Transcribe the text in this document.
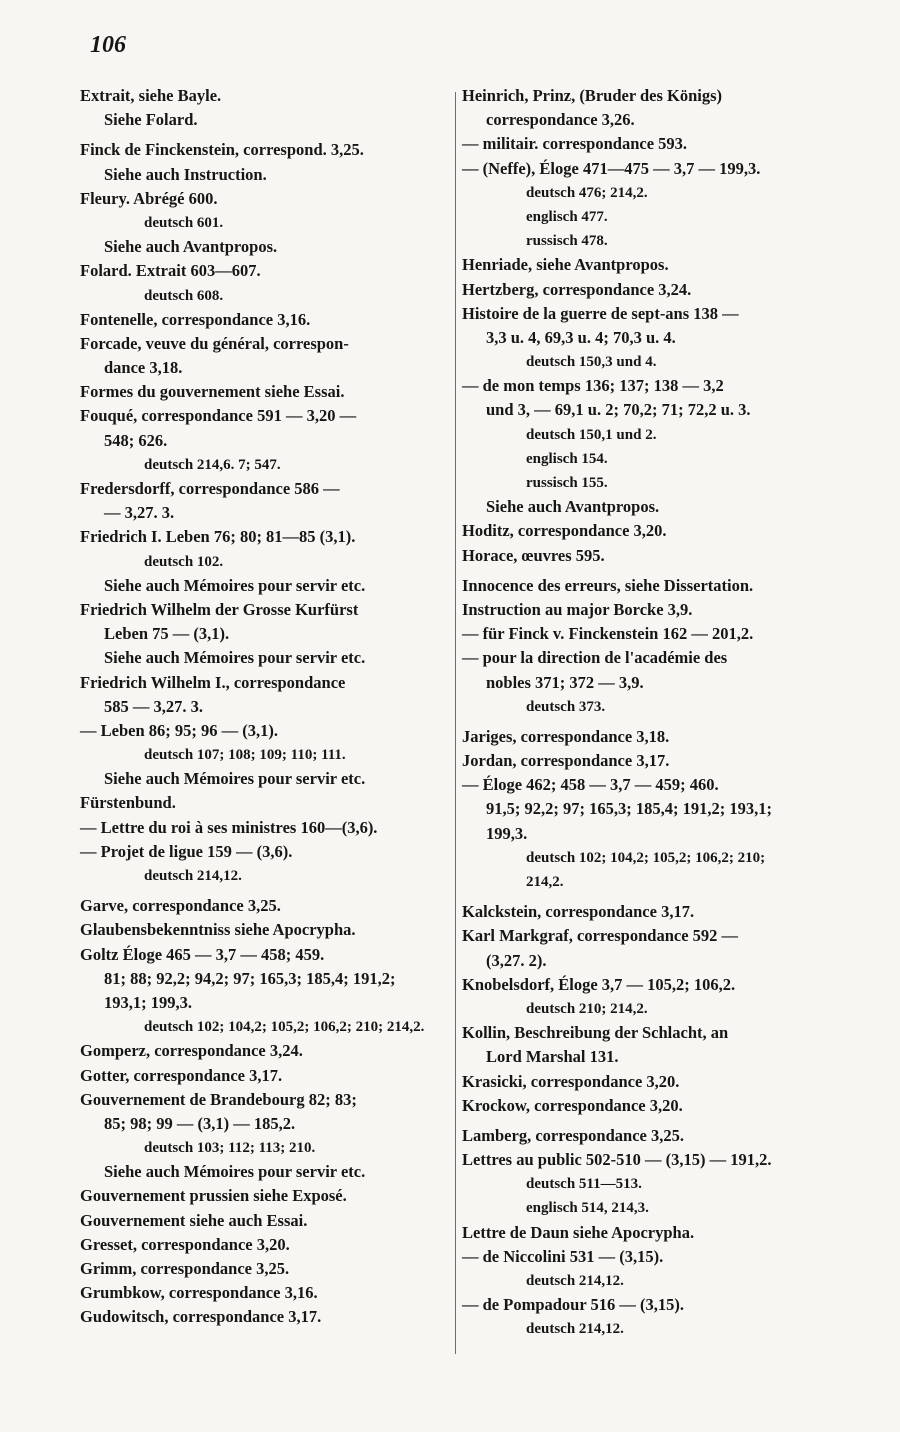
106
Extrait, siehe Bayle.
Siehe Folard.
Finck de Finckenstein, correspond. 3,25.
Siehe auch Instruction.
Fleury. Abrégé 600.
deutsch 601.
Siehe auch Avantpropos.
Folard. Extrait 603—607.
deutsch 608.
Fontenelle, correspondance 3,16.
Forcade, veuve du général, correspon-
dance 3,18.
Formes du gouvernement siehe Essai.
Fouqué, correspondance 591 — 3,20 —
548; 626.
deutsch 214,6. 7; 547.
Fredersdorff, correspondance 586 —
— 3,27. 3.
Friedrich I. Leben 76; 80; 81—85 (3,1).
deutsch 102.
Siehe auch Mémoires pour servir etc.
Friedrich Wilhelm der Grosse Kurfürst
Leben 75 — (3,1).
Siehe auch Mémoires pour servir etc.
Friedrich Wilhelm I., correspondance
585 — 3,27. 3.
— Leben 86; 95; 96 — (3,1).
deutsch 107; 108; 109; 110; 111.
Siehe auch Mémoires pour servir etc.
Fürstenbund.
— Lettre du roi à ses ministres 160—(3,6).
— Projet de ligue 159 — (3,6).
deutsch 214,12.
Garve, correspondance 3,25.
Glaubensbekenntniss siehe Apocrypha.
Goltz Éloge 465 — 3,7 — 458; 459.
81; 88; 92,2; 94,2; 97; 165,3; 185,4; 191,2;
193,1; 199,3.
deutsch 102; 104,2; 105,2; 106,2; 210; 214,2.
Gomperz, correspondance 3,24.
Gotter, correspondance 3,17.
Gouvernement de Brandebourg 82; 83;
85; 98; 99 — (3,1) — 185,2.
deutsch 103; 112; 113; 210.
Siehe auch Mémoires pour servir etc.
Gouvernement prussien siehe Exposé.
Gouvernement siehe auch Essai.
Gresset, correspondance 3,20.
Grimm, correspondance 3,25.
Grumbkow, correspondance 3,16.
Gudowitsch, correspondance 3,17.
Heinrich, Prinz, (Bruder des Königs)
correspondance 3,26.
— militair. correspondance 593.
— (Neffe), Éloge 471—475 — 3,7 — 199,3.
deutsch 476; 214,2.
englisch 477.
russisch 478.
Henriade, siehe Avantpropos.
Hertzberg, correspondance 3,24.
Histoire de la guerre de sept-ans 138 —
3,3 u. 4, 69,3 u. 4; 70,3 u. 4.
deutsch 150,3 und 4.
— de mon temps 136; 137; 138 — 3,2
und 3, — 69,1 u. 2; 70,2; 71; 72,2 u. 3.
deutsch 150,1 und 2.
englisch 154.
russisch 155.
Siehe auch Avantpropos.
Hoditz, correspondance 3,20.
Horace, œuvres 595.
Innocence des erreurs, siehe Dissertation.
Instruction au major Borcke 3,9.
— für Finck v. Finckenstein 162 — 201,2.
— pour la direction de l'académie des
nobles 371; 372 — 3,9.
deutsch 373.
Jariges, correspondance 3,18.
Jordan, correspondance 3,17.
— Éloge 462; 458 — 3,7 — 459; 460.
91,5; 92,2; 97; 165,3; 185,4; 191,2; 193,1;
199,3.
deutsch 102; 104,2; 105,2; 106,2; 210;
214,2.
Kalckstein, correspondance 3,17.
Karl Markgraf, correspondance 592 —
(3,27. 2).
Knobelsdorf, Éloge 3,7 — 105,2; 106,2.
deutsch 210; 214,2.
Kollin, Beschreibung der Schlacht, an
Lord Marshal 131.
Krasicki, correspondance 3,20.
Krockow, correspondance 3,20.
Lamberg, correspondance 3,25.
Lettres au public 502-510 — (3,15) — 191,2.
deutsch 511—513.
englisch 514, 214,3.
Lettre de Daun siehe Apocrypha.
— de Niccolini 531 — (3,15).
deutsch 214,12.
— de Pompadour 516 — (3,15).
deutsch 214,12.
